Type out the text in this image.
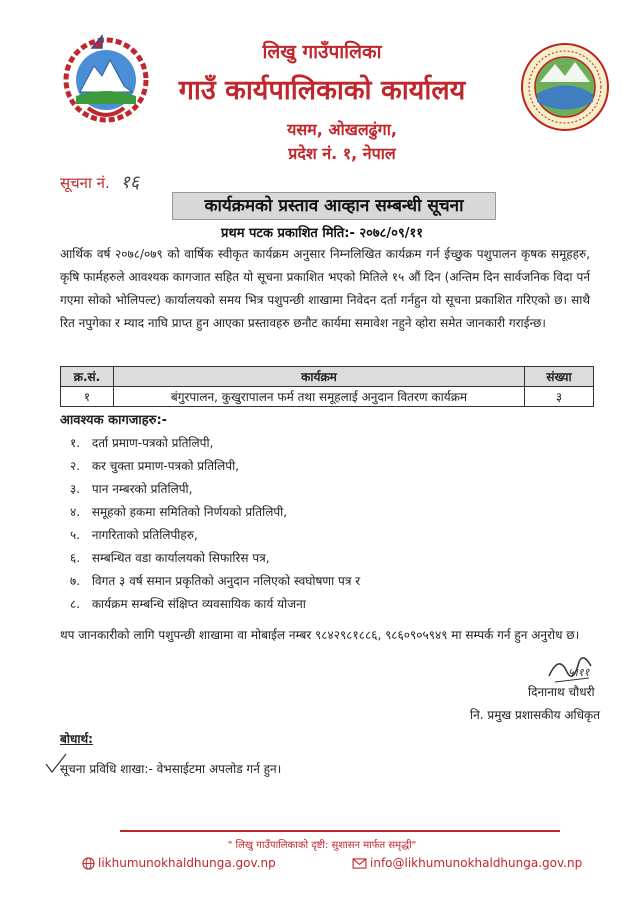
लिखु गाउँपालिका
गाउँ कार्यपालिकाको कार्यालय
यसम, ओखलढुंगा,
प्रदेश नं. १, नेपाल
सूचना नं. १६
कार्यक्रमको प्रस्ताव आव्हान सम्बन्धी सूचना
प्रथम पटक प्रकाशित मिति:- २०७८/०९/११
आर्थिक वर्ष २०७८/०७९ को वार्षिक स्वीकृत कार्यक्रम अनुसार निम्नलिखित कार्यक्रम गर्न ईच्छुक पशुपालन कृषक समूहहरु, कृषि फार्महरुले आवश्यक कागजात सहित यो सूचना प्रकाशित भएको मितिले १५ औं दिन (अन्तिम दिन सार्वजनिक विदा पर्न गएमा सोको भोलिपल्ट) कार्यालयको समय भित्र पशुपन्छी शाखामा निवेदन दर्ता गर्नहुन यो सूचना प्रकाशित गरिएको छ। साथै रित नपुगेका र म्याद नाघि प्राप्त हुन आएका प्रस्तावहरु छनौट कार्यमा समावेश नहुने व्होरा समेत जानकारी गराईन्छ।
क्र.सं.	कार्यक्रम	संख्या
१	बंगुरपालन, कुखुरापालन फर्म तथा समूहलाई अनुदान वितरण कार्यक्रम	३
आवश्यक कागजाहरु:-
१. दर्ता प्रमाण-पत्रको प्रतिलिपी,
२. कर चुक्ता प्रमाण-पत्रको प्रतिलिपी,
३. पान नम्बरको प्रतिलिपी,
४. समूहको हकमा समितिको निर्णयको प्रतिलिपी,
५. नागरिताको प्रतिलिपीहरु,
६. सम्बन्धित वडा कार्यालयको सिफारिस पत्र,
७. विगत ३ वर्ष समान प्रकृतिको अनुदान नलिएको स्वघोषणा पत्र र
८. कार्यक्रम सम्बन्धि संक्षिप्त व्यवसायिक कार्य योजना
थप जानकारीको लागि पशुपन्छी शाखामा वा मोबाईल नम्बर ९८४२९८१८८६, ९८६०९०५९४९ मा सम्पर्क गर्न हुन अनुरोध छ।
५।११
दिनानाथ चौधरी
नि. प्रमुख प्रशासकीय अधिकृत
बोधार्थ:
सूचना प्रविधि शाखा:- वेभसाईटमा अपलोड गर्न हुन।
" लिखु गाउँपालिकाको दृष्टी: सुशासन मार्फत समृद्धी"
likhumunokhaldhunga.gov.np	info@likhumunokhaldhunga.gov.np
